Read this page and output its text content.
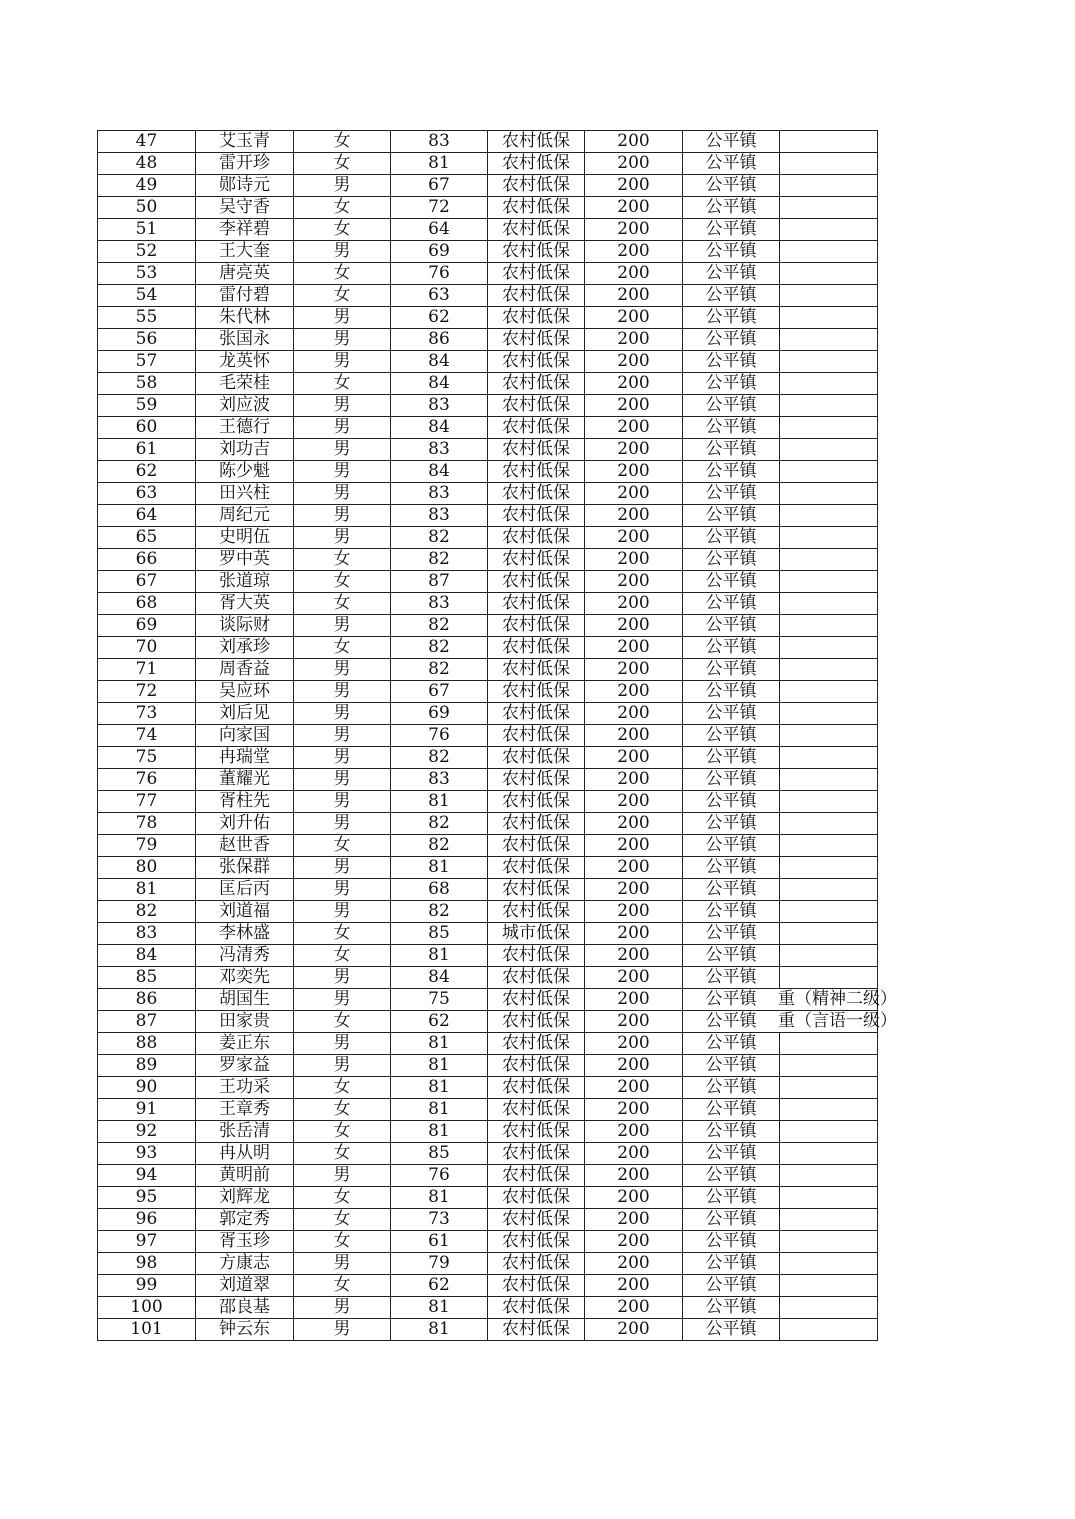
47	艾玉青	女	83	农村低保	200	公平镇	

48	雷开珍	女	81	农村低保	200	公平镇	

49	郧诗元	男	67	农村低保	200	公平镇	

50	吴守香	女	72	农村低保	200	公平镇	

51	李祥碧	女	64	农村低保	200	公平镇	

52	王大奎	男	69	农村低保	200	公平镇	

53	唐亮英	女	76	农村低保	200	公平镇	

54	雷付碧	女	63	农村低保	200	公平镇	

55	朱代林	男	62	农村低保	200	公平镇	

56	张国永	男	86	农村低保	200	公平镇	

57	龙英怀	男	84	农村低保	200	公平镇	

58	毛荣桂	女	84	农村低保	200	公平镇	

59	刘应波	男	83	农村低保	200	公平镇	

60	王德行	男	84	农村低保	200	公平镇	

61	刘功吉	男	83	农村低保	200	公平镇	

62	陈少魁	男	84	农村低保	200	公平镇	

63	田兴柱	男	83	农村低保	200	公平镇	

64	周纪元	男	83	农村低保	200	公平镇	

65	史明伍	男	82	农村低保	200	公平镇	

66	罗中英	女	82	农村低保	200	公平镇	

67	张道琼	女	87	农村低保	200	公平镇	

68	胥大英	女	83	农村低保	200	公平镇	

69	谈际财	男	82	农村低保	200	公平镇	

70	刘承珍	女	82	农村低保	200	公平镇	

71	周香益	男	82	农村低保	200	公平镇	

72	吴应环	男	67	农村低保	200	公平镇	

73	刘后见	男	69	农村低保	200	公平镇	

74	向家国	男	76	农村低保	200	公平镇	

75	冉瑞堂	男	82	农村低保	200	公平镇	

76	董耀光	男	83	农村低保	200	公平镇	

77	胥柱先	男	81	农村低保	200	公平镇	

78	刘升佑	男	82	农村低保	200	公平镇	

79	赵世香	女	82	农村低保	200	公平镇	

80	张保群	男	81	农村低保	200	公平镇	

81	匡后丙	男	68	农村低保	200	公平镇	

82	刘道福	男	82	农村低保	200	公平镇	

83	李林盛	女	85	城市低保	200	公平镇	

84	冯清秀	女	81	农村低保	200	公平镇	

85	邓奕先	男	84	农村低保	200	公平镇	

86	胡国生	男	75	农村低保	200	公平镇	重（精神二级）

87	田家贵	女	62	农村低保	200	公平镇	重（言语一级）

88	姜正东	男	81	农村低保	200	公平镇	

89	罗家益	男	81	农村低保	200	公平镇	

90	王功采	女	81	农村低保	200	公平镇	

91	王章秀	女	81	农村低保	200	公平镇	

92	张岳清	女	81	农村低保	200	公平镇	

93	冉从明	女	85	农村低保	200	公平镇	

94	黄明前	男	76	农村低保	200	公平镇	

95	刘辉龙	女	81	农村低保	200	公平镇	

96	郭定秀	女	73	农村低保	200	公平镇	

97	胥玉珍	女	61	农村低保	200	公平镇	

98	方康志	男	79	农村低保	200	公平镇	

99	刘道翠	女	62	农村低保	200	公平镇	

100	邵良基	男	81	农村低保	200	公平镇	

101	钟云东	男	81	农村低保	200	公平镇	
